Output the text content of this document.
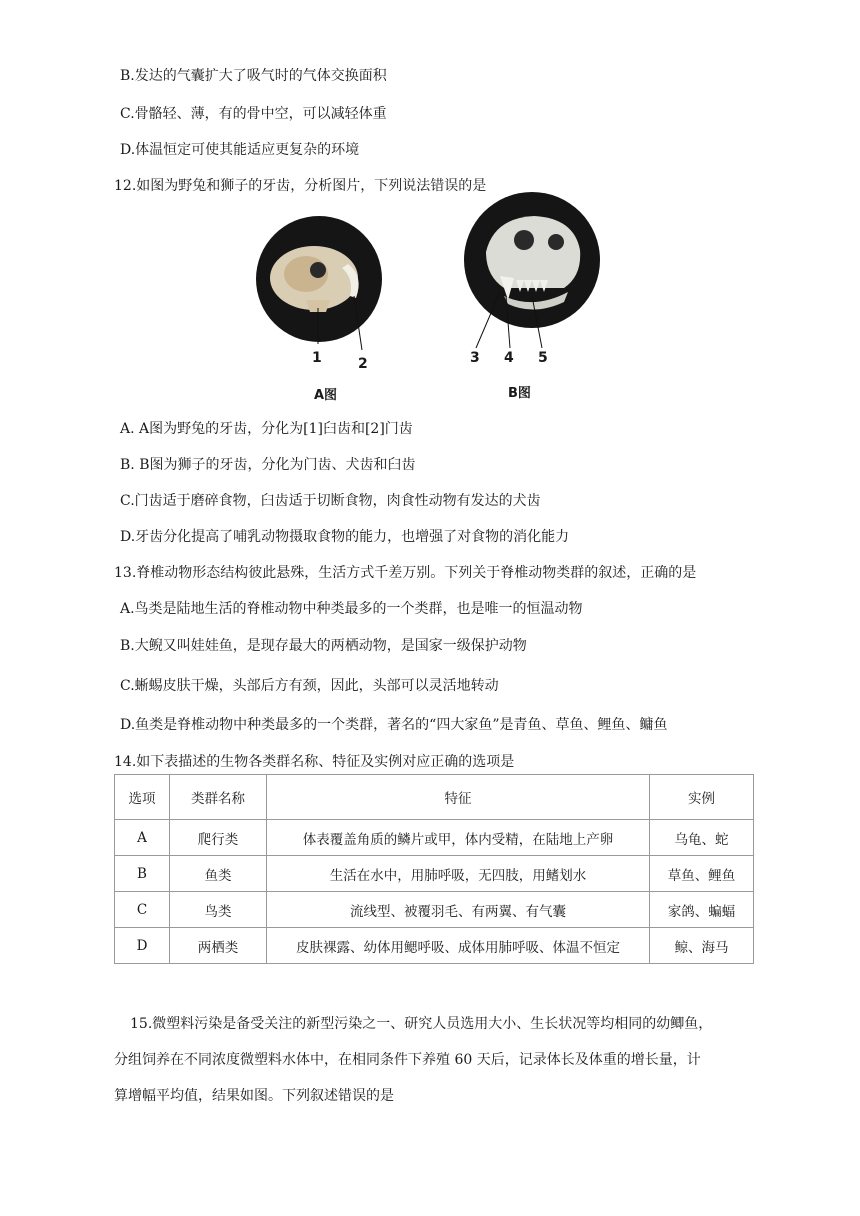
B.发达的气囊扩大了吸气时的气体交换面积
C.骨骼轻、薄，有的骨中空，可以减轻体重
D.体温恒定可使其能适应更复杂的环境
12.如图为野兔和狮子的牙齿，分析图片，下列说法错误的是
1	2
A图
3 4 5
B图
A. A图为野兔的牙齿，分化为[1]臼齿和[2]门齿
B. B图为狮子的牙齿，分化为门齿、犬齿和臼齿
C.门齿适于磨碎食物，臼齿适于切断食物，肉食性动物有发达的犬齿
D.牙齿分化提高了哺乳动物摄取食物的能力，也增强了对食物的消化能力
13.脊椎动物形态结构彼此悬殊，生活方式千差万别。下列关于脊椎动物类群的叙述，正确的是
A.鸟类是陆地生活的脊椎动物中种类最多的一个类群，也是唯一的恒温动物
B.大鲵又叫娃娃鱼，是现存最大的两栖动物，是国家一级保护动物
C.蜥蜴皮肤干燥，头部后方有颈，因此，头部可以灵活地转动
D.鱼类是脊椎动物中种类最多的一个类群，著名的“四大家鱼”是青鱼、草鱼、鲤鱼、鳙鱼
14.如下表描述的生物各类群名称、特征及实例对应正确的选项是
选项	类群名称	特征	实例
A	爬行类	体表覆盖角质的鳞片或甲，体内受精，在陆地上产卵	乌龟、蛇
B	鱼类	生活在水中，用肺呼吸，无四肢，用鳍划水	草鱼、鲤鱼
C	鸟类	流线型、被覆羽毛、有两翼、有气囊	家鸽、蝙蝠
D	两栖类	皮肤裸露、幼体用鳃呼吸、成体用肺呼吸、体温不恒定	鲸、海马
15.微塑料污染是备受关注的新型污染之一、研究人员选用大小、生长状况等均相同的幼鲫鱼，
分组饲养在不同浓度微塑料水体中，在相同条件下养殖 60 天后，记录体长及体重的增长量，计
算增幅平均值，结果如图。下列叙述错误的是
